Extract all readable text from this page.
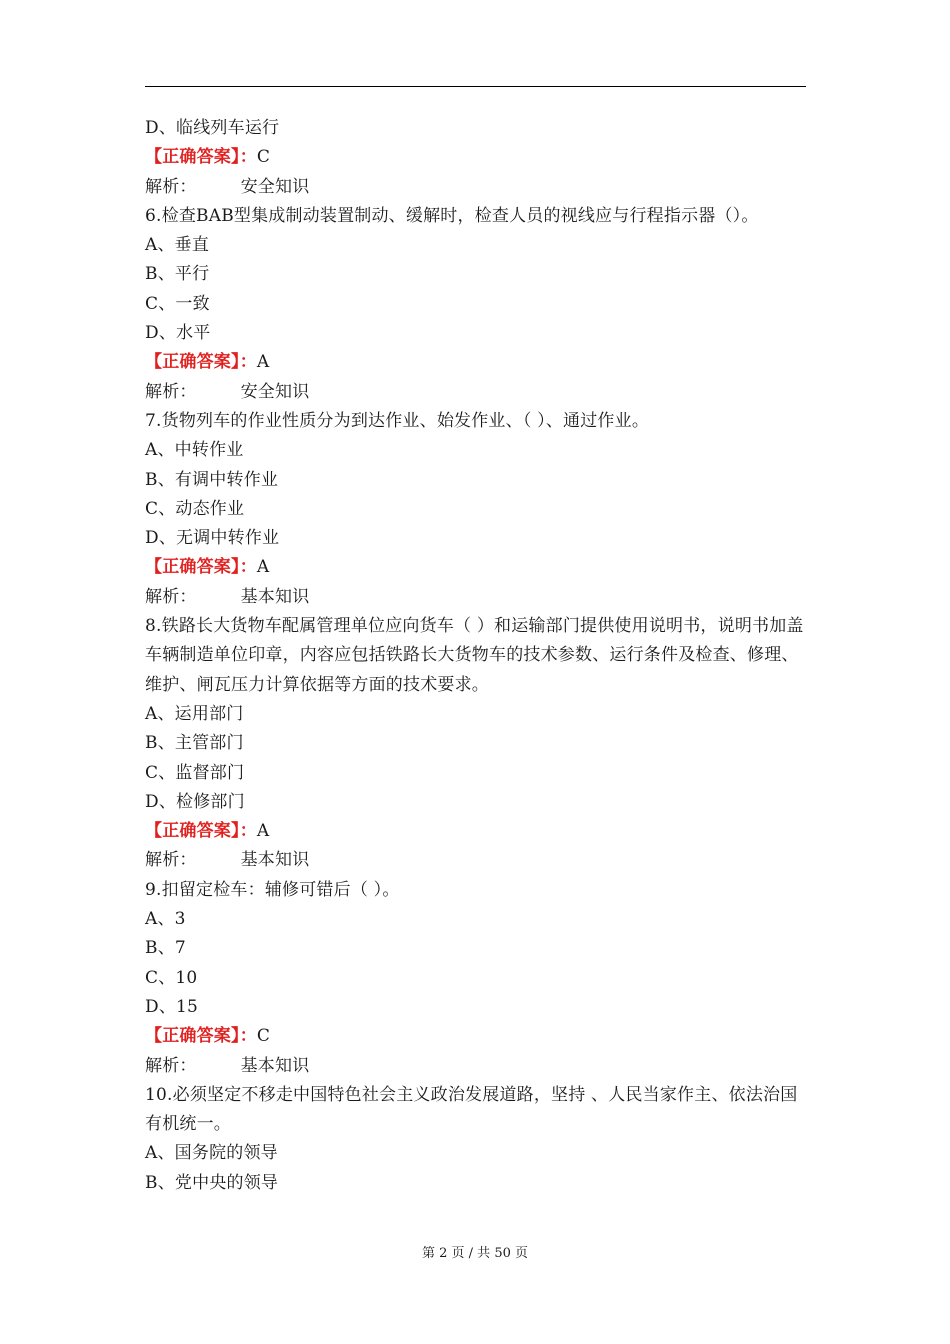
D、临线列车运行
【正确答案】：C
解析：	安全知识
6.检查BAB型集成制动装置制动、缓解时，检查人员的视线应与行程指示器（）。
A、垂直
B、平行
C、一致
D、水平
【正确答案】：A
解析：	安全知识
7.货物列车的作业性质分为到达作业、始发作业、（ ）、通过作业。
A、中转作业
B、有调中转作业
C、动态作业
D、无调中转作业
【正确答案】：A
解析：	基本知识
8.铁路长大货物车配属管理单位应向货车（ ）和运输部门提供使用说明书，说明书加盖车辆制造单位印章，内容应包括铁路长大货物车的技术参数、运行条件及检查、修理、维护、闸瓦压力计算依据等方面的技术要求。
A、运用部门
B、主管部门
C、监督部门
D、检修部门
【正确答案】：A
解析：	基本知识
9.扣留定检车：辅修可错后（ ）。
A、3
B、7
C、10
D、15
【正确答案】：C
解析：	基本知识
10.必须坚定不移走中国特色社会主义政治发展道路，坚持 、人民当家作主、依法治国有机统一。
A、国务院的领导
B、党中央的领导
第 2 页 / 共 50 页
